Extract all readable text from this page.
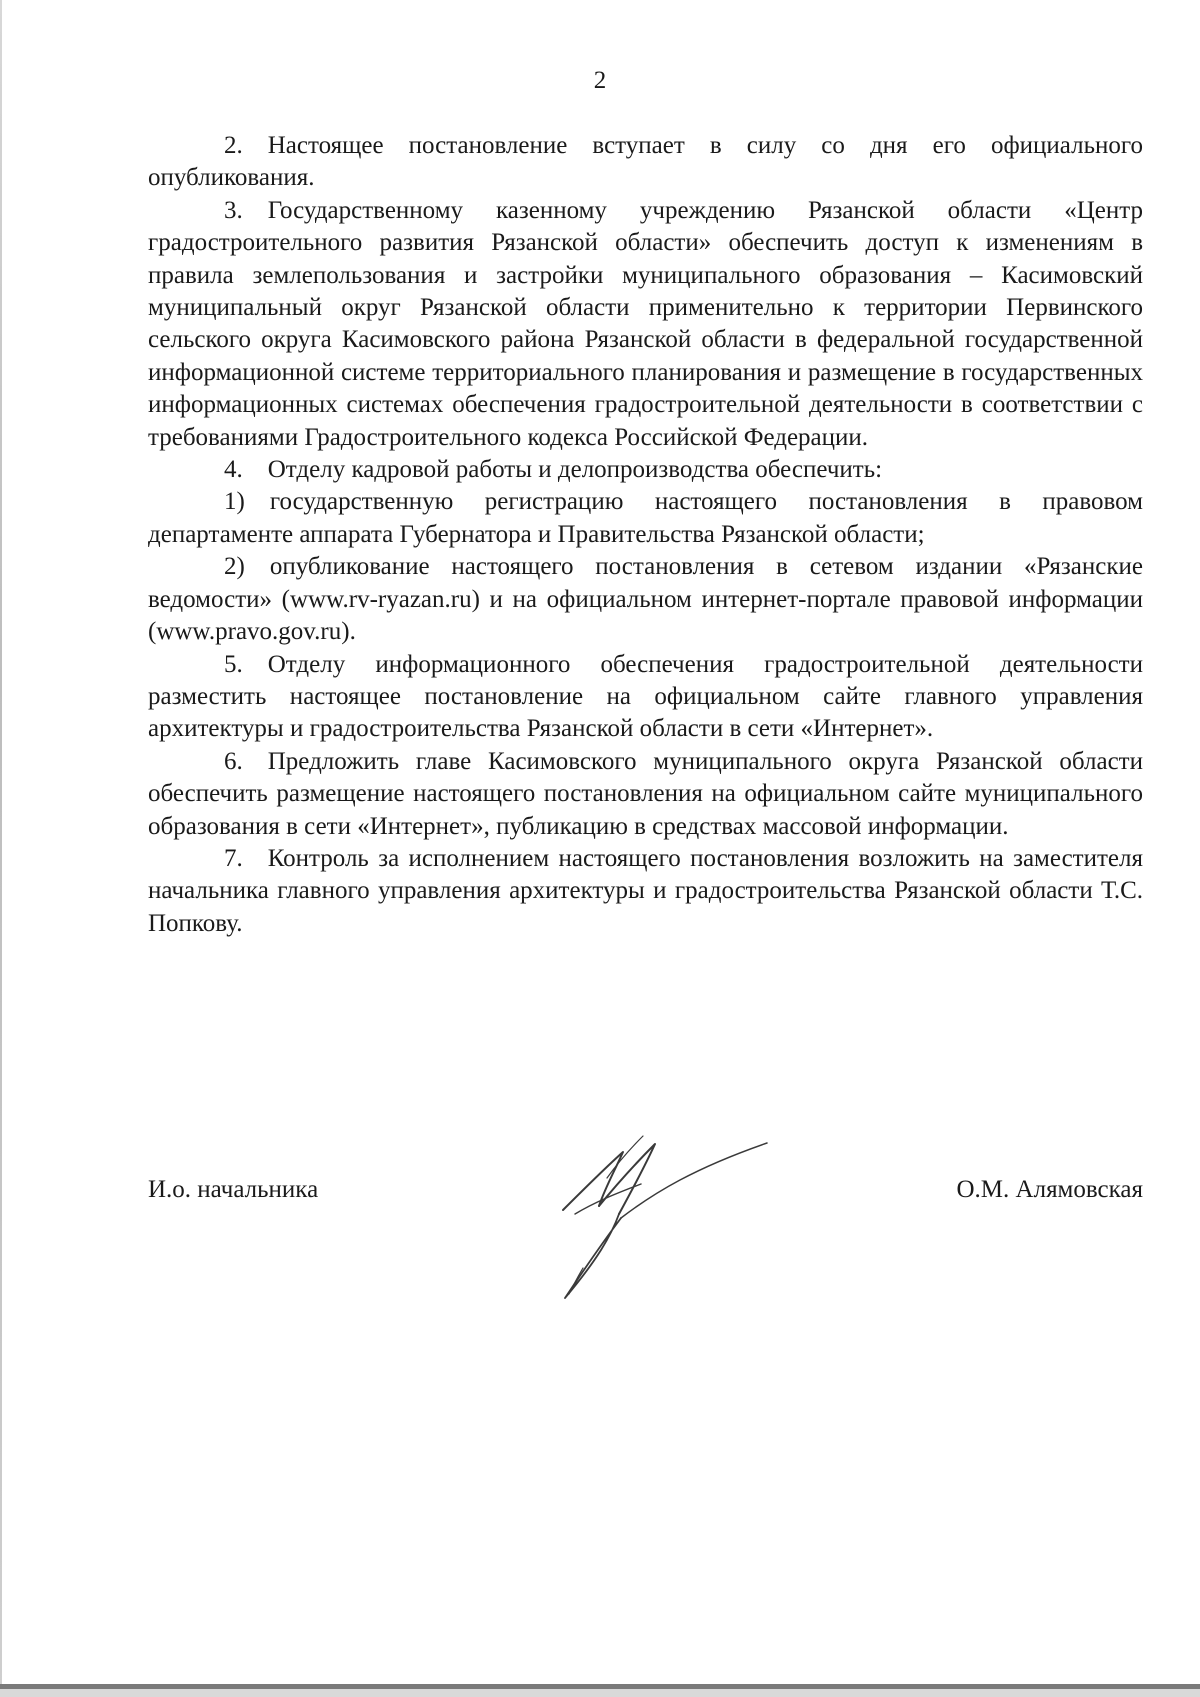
2

2. Настоящее постановление вступает в силу со дня его официального опубликования.

3. Государственному казенному учреждению Рязанской области «Центр градостроительного развития Рязанской области» обеспечить доступ к изменениям в правила землепользования и застройки муниципального образования – Касимовский муниципальный округ Рязанской области применительно к территории Первинского сельского округа Касимовского района Рязанской области в федеральной государственной информационной системе территориального планирования и размещение в государственных информационных системах обеспечения градостроительной деятельности в соответствии с требованиями Градостроительного кодекса Российской Федерации.

4. Отделу кадровой работы и делопроизводства обеспечить:

1) государственную регистрацию настоящего постановления в правовом департаменте аппарата Губернатора и Правительства Рязанской области;

2) опубликование настоящего постановления в сетевом издании «Рязанские ведомости» (www.rv-ryazan.ru) и на официальном интернет-портале правовой информации (www.pravo.gov.ru).

5. Отделу информационного обеспечения градостроительной деятельности разместить настоящее постановление на официальном сайте главного управления архитектуры и градостроительства Рязанской области в сети «Интернет».

6. Предложить главе Касимовского муниципального округа Рязанской области обеспечить размещение настоящего постановления на официальном сайте муниципального образования в сети «Интернет», публикацию в средствах массовой информации.

7. Контроль за исполнением настоящего постановления возложить на заместителя начальника главного управления архитектуры и градостроительства Рязанской области Т.С. Попкову.

И.о. начальника	О.М. Алямовская
